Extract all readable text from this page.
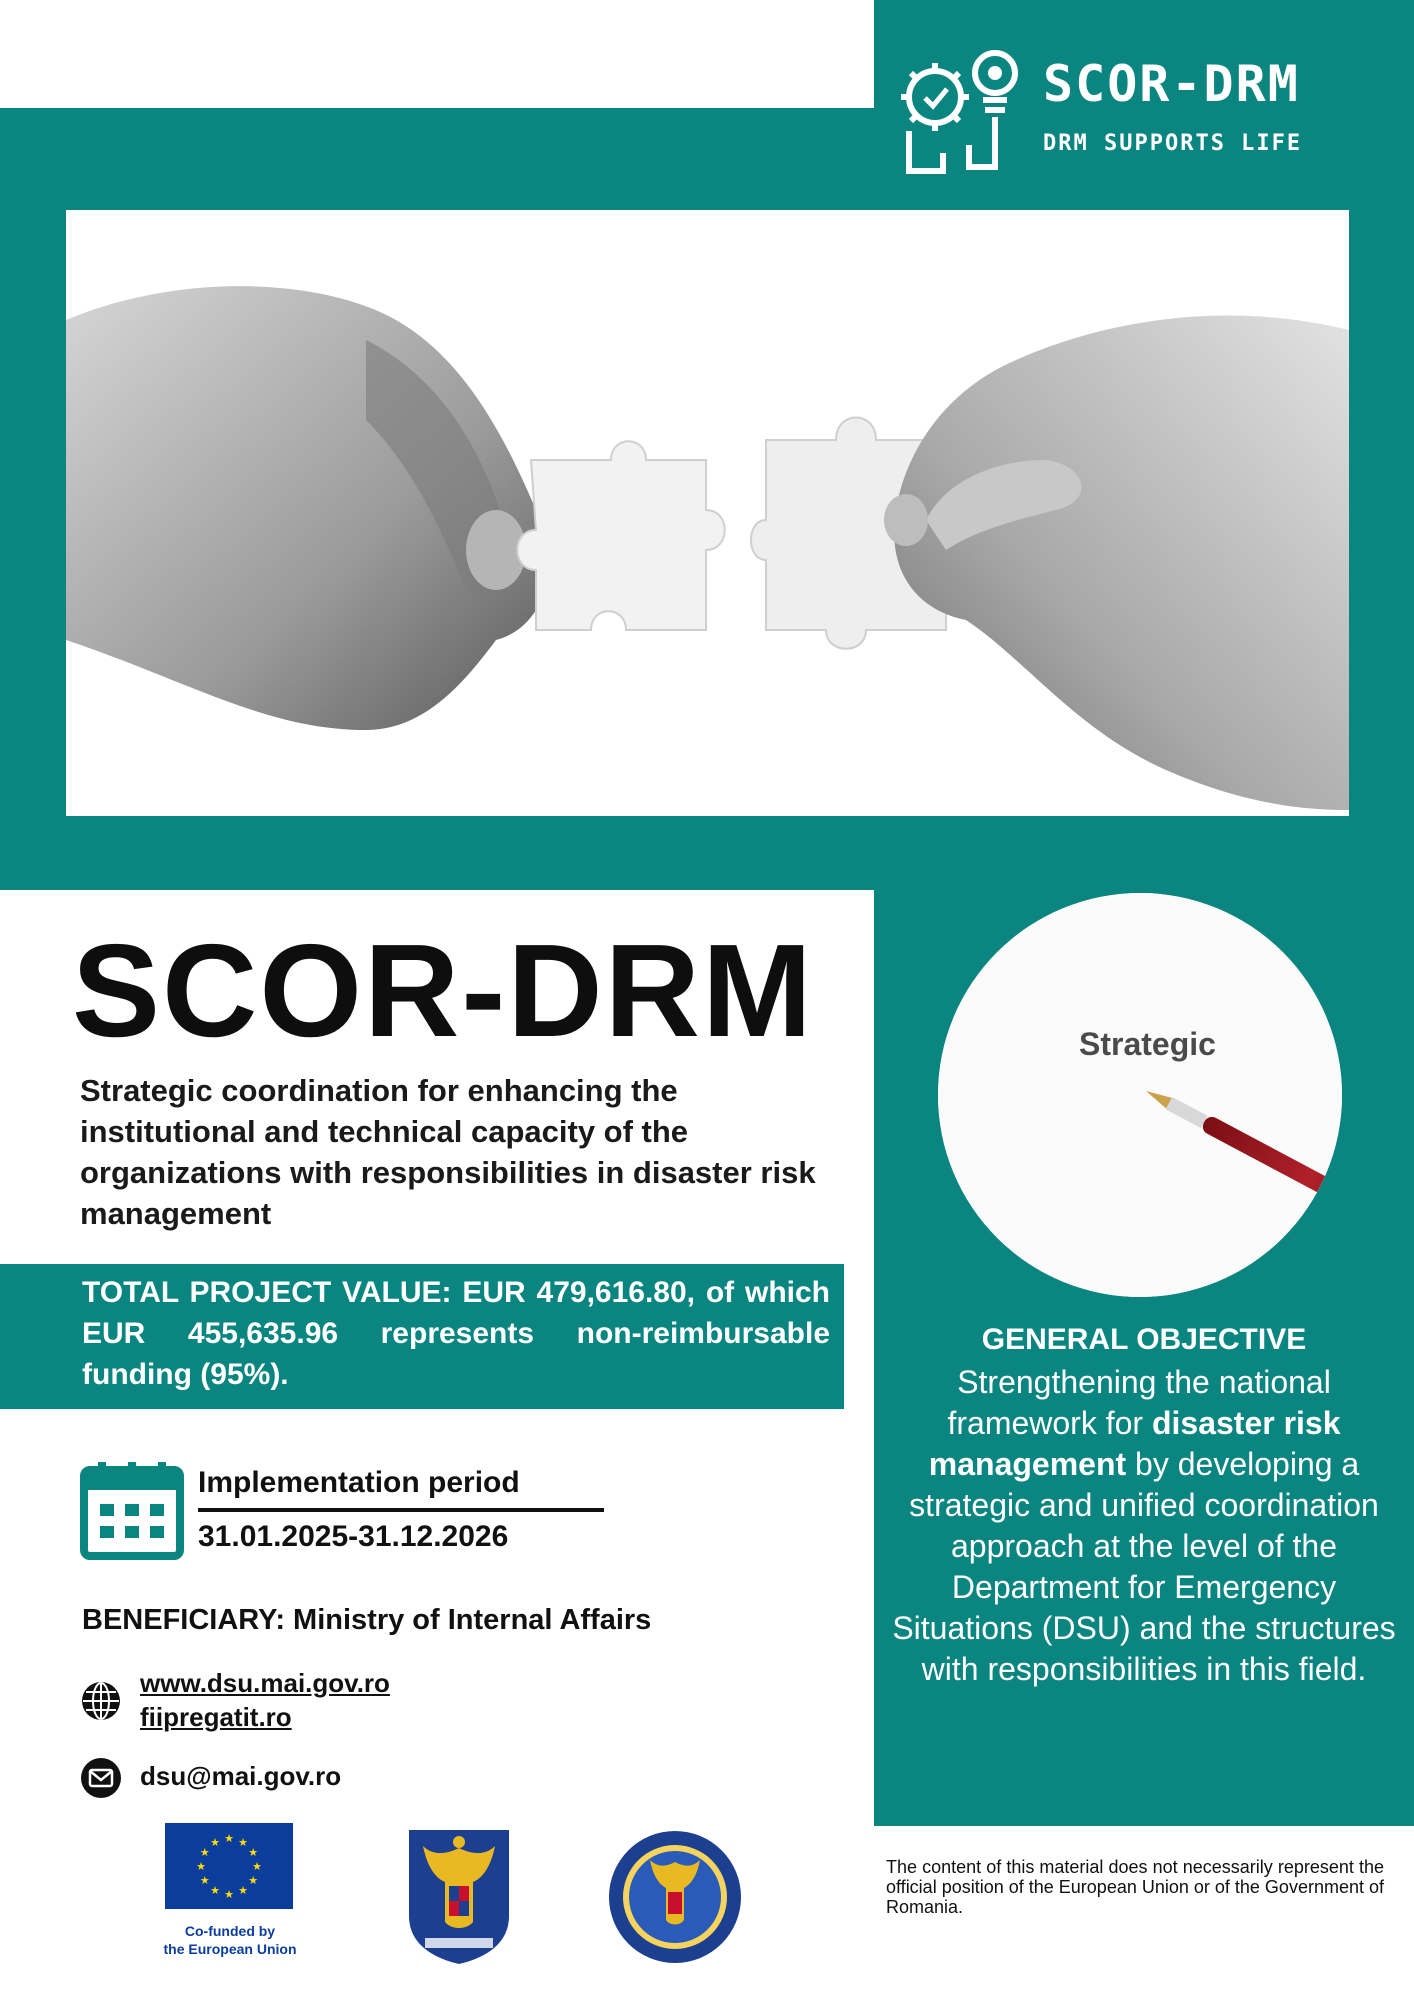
SCOR-DRM
DRM SUPPORTS LIFE
SCOR-DRM
Strategic coordination for enhancing the institutional and technical capacity of the organizations with responsibilities in disaster risk management
TOTAL PROJECT VALUE: EUR 479,616.80, of which EUR 455,635.96 represents non-reimbursable funding (95%).
Implementation period
31.01.2025-31.12.2026
BENEFICIARY: Ministry of Internal Affairs
www.dsu.mai.gov.ro
fiipregatit.ro
dsu@mai.gov.ro
★ ★
★
★
★
★
★
★
★
★
★
★
Co-funded by
the European Union
Strategic
GENERAL OBJECTIVE
Strengthening the national framework for disaster risk management by developing a strategic and unified coordination approach at the level of the Department for Emergency Situations (DSU) and the structures with responsibilities in this field.
The content of this material does not necessarily represent the official position of the European Union or of the Government of Romania.
